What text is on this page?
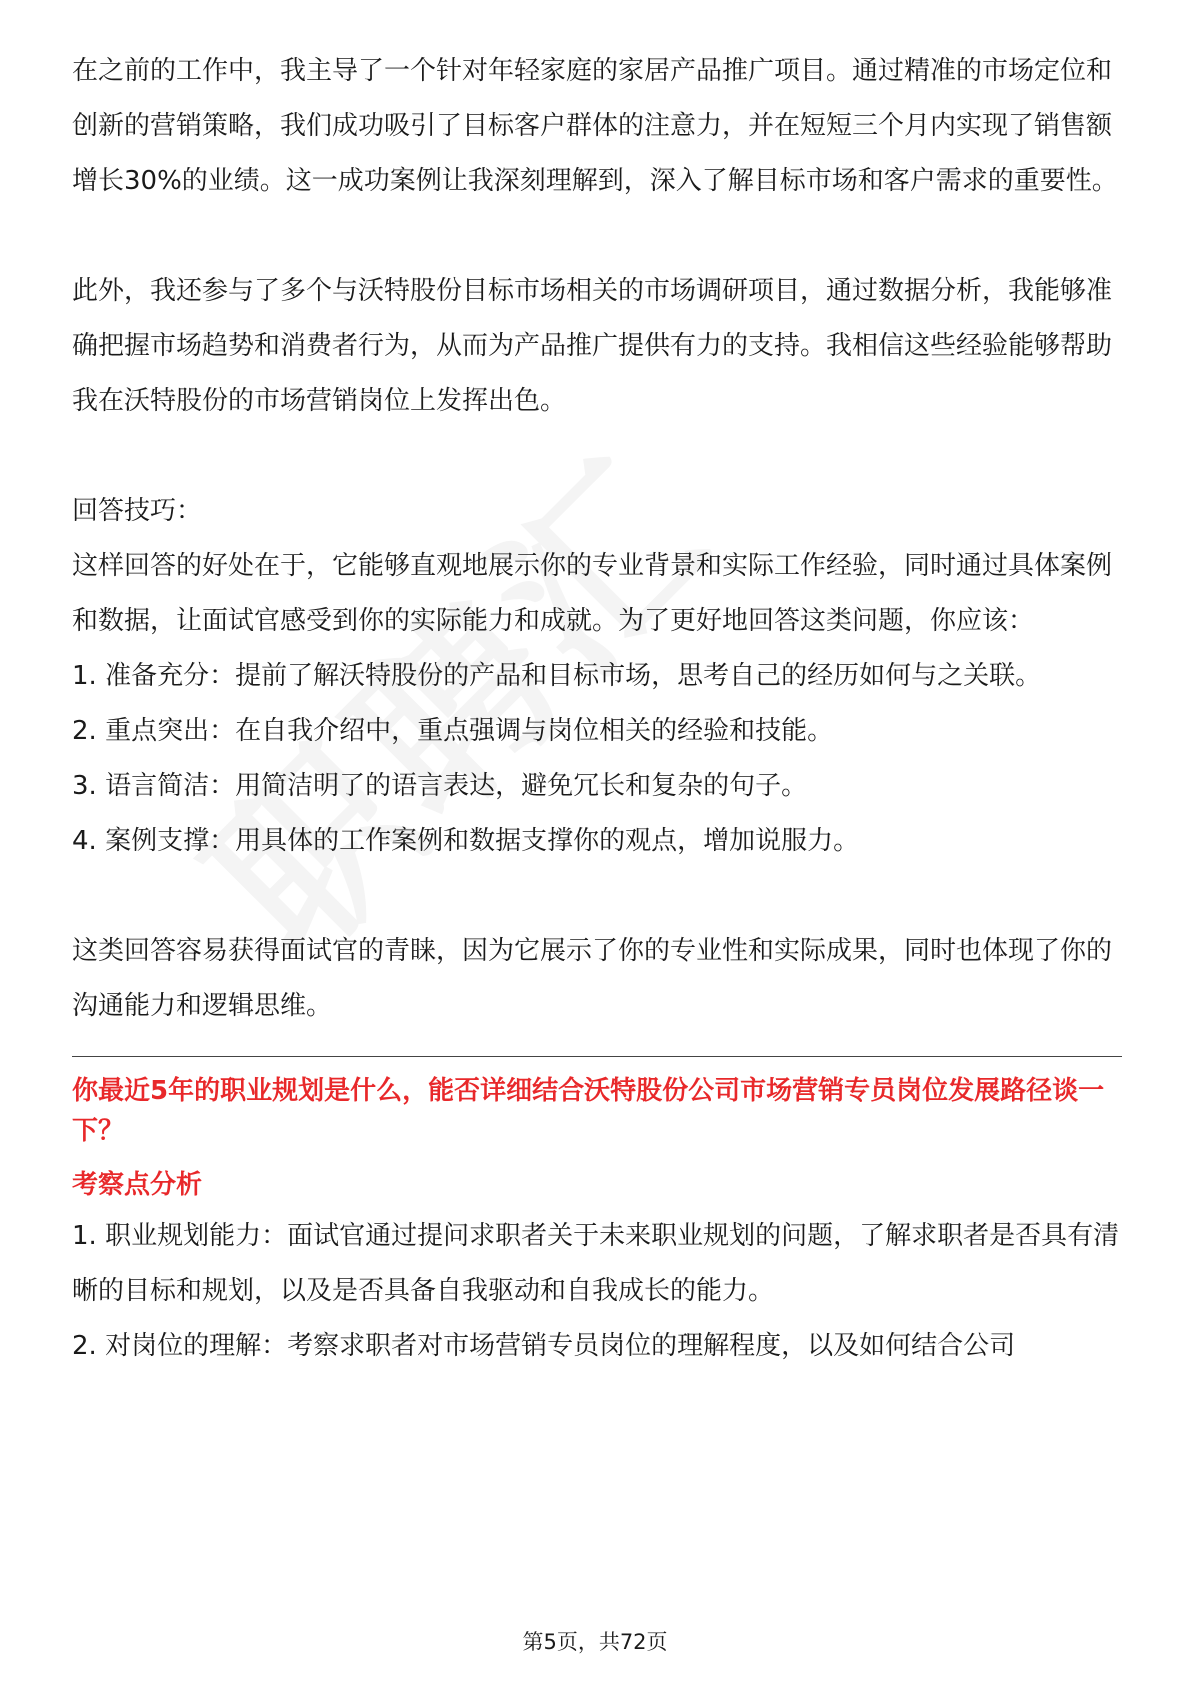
在之前的工作中，我主导了一个针对年轻家庭的家居产品推广项目。通过精准的市场定位和创新的营销策略，我们成功吸引了目标客户群体的注意力，并在短短三个月内实现了销售额增长30%的业绩。这一成功案例让我深刻理解到，深入了解目标市场和客户需求的重要性。

此外，我还参与了多个与沃特股份目标市场相关的市场调研项目，通过数据分析，我能够准确把握市场趋势和消费者行为，从而为产品推广提供有力的支持。我相信这些经验能够帮助我在沃特股份的市场营销岗位上发挥出色。

回答技巧：

这样回答的好处在于，它能够直观地展示你的专业背景和实际工作经验，同时通过具体案例和数据，让面试官感受到你的实际能力和成就。为了更好地回答这类问题，你应该：

1. 准备充分：提前了解沃特股份的产品和目标市场，思考自己的经历如何与之关联。

2. 重点突出：在自我介绍中，重点强调与岗位相关的经验和技能。

3. 语言简洁：用简洁明了的语言表达，避免冗长和复杂的句子。

4. 案例支撑：用具体的工作案例和数据支撑你的观点，增加说服力。

这类回答容易获得面试官的青睐，因为它展示了你的专业性和实际成果，同时也体现了你的沟通能力和逻辑思维。

你最近5年的职业规划是什么，能否详细结合沃特股份公司市场营销专员岗位发展路径谈一下？

考察点分析

1. 职业规划能力：面试官通过提问求职者关于未来职业规划的问题，了解求职者是否具有清晰的目标和规划，以及是否具备自我驱动和自我成长的能力。

2. 对岗位的理解：考察求职者对市场营销专员岗位的理解程度，以及如何结合公司

第5页，共72页
